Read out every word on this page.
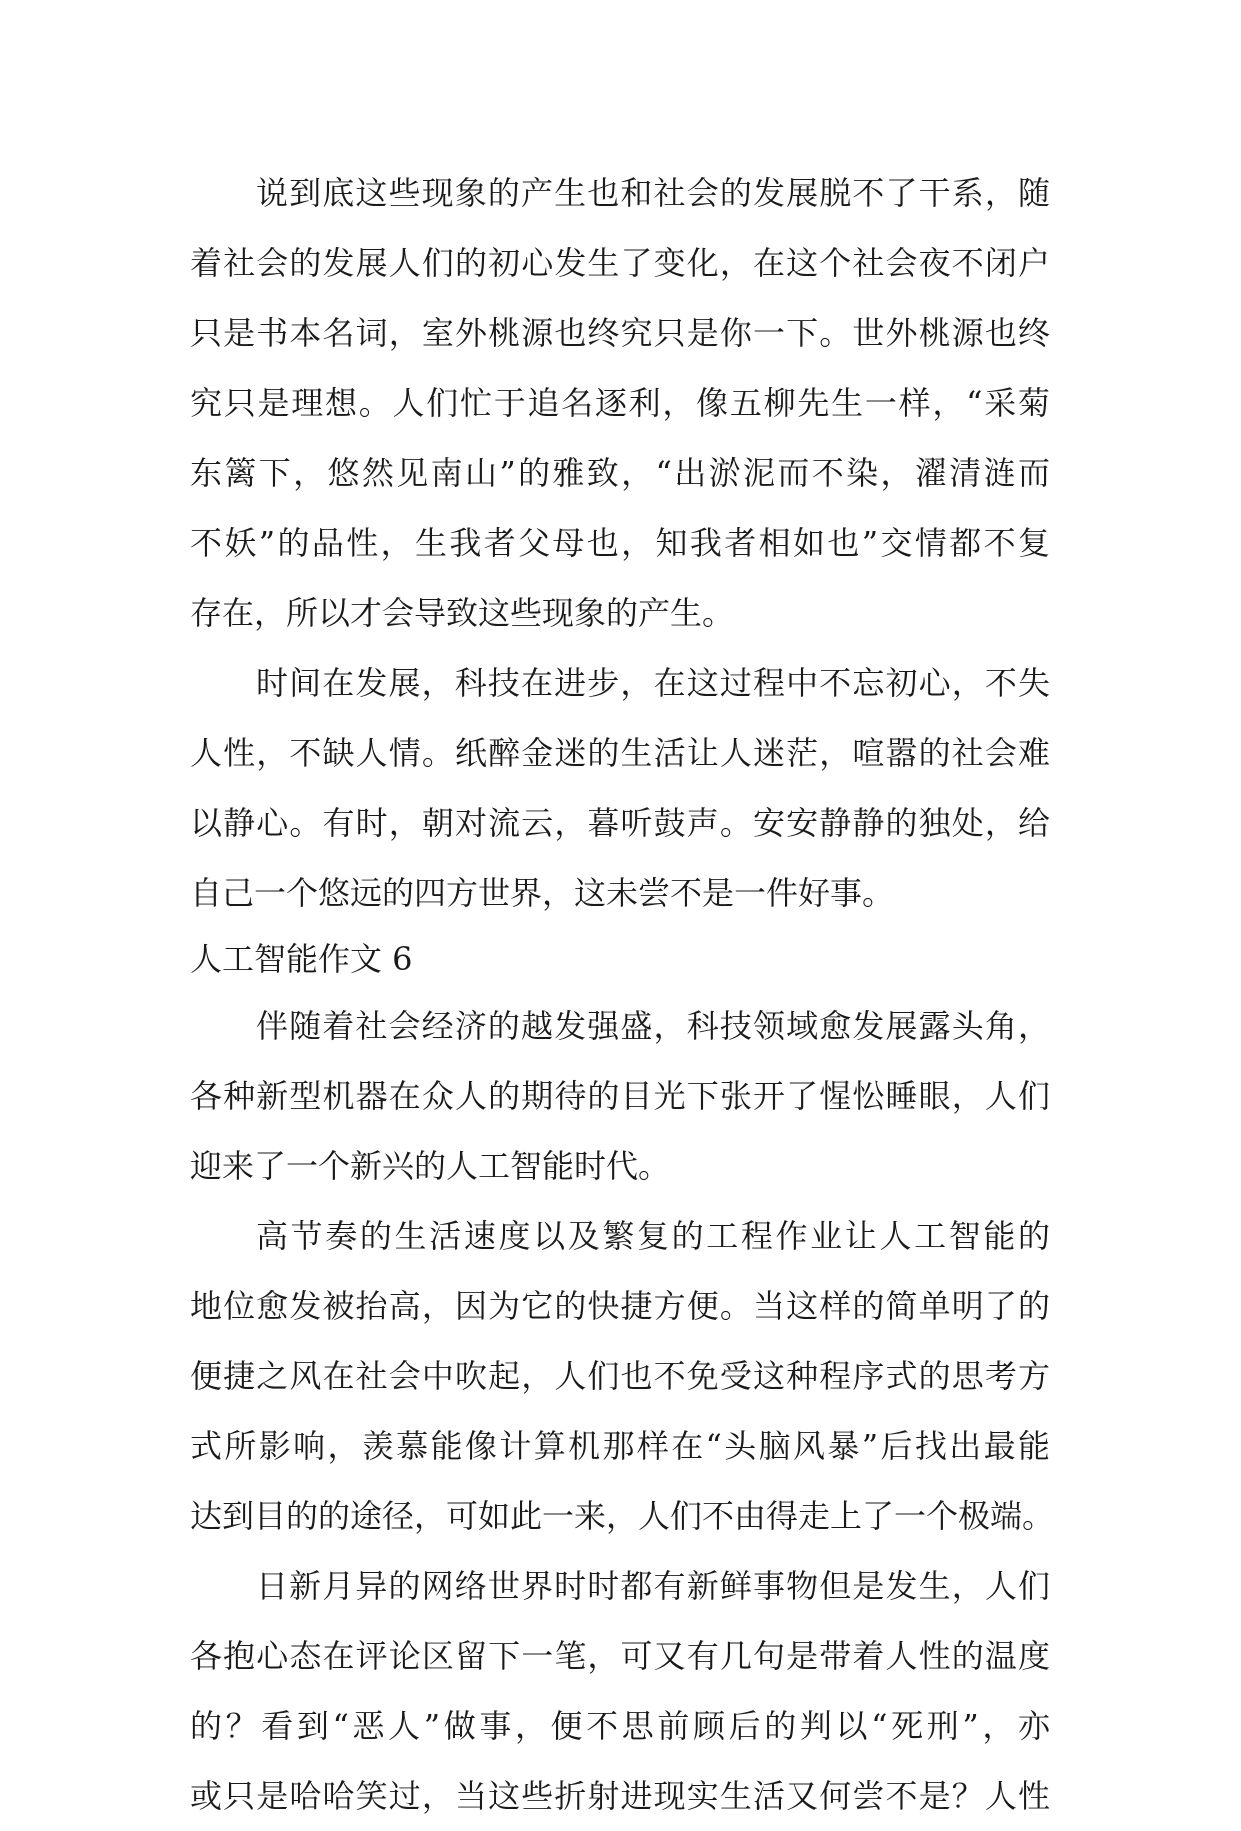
说到底这些现象的产生也和社会的发展脱不了干系，随
着社会的发展人们的初心发生了变化，在这个社会夜不闭户
只是书本名词，室外桃源也终究只是你一下。世外桃源也终
究只是理想。人们忙于追名逐利，像五柳先生一样，“采菊
东篱下，悠然见南山”的雅致，“出淤泥而不染，濯清涟而
不妖”的品性，生我者父母也，知我者相如也”交情都不复
存在，所以才会导致这些现象的产生。
时间在发展，科技在进步，在这过程中不忘初心，不失
人性，不缺人情。纸醉金迷的生活让人迷茫，喧嚣的社会难
以静心。有时，朝对流云，暮听鼓声。安安静静的独处，给
自己一个悠远的四方世界，这未尝不是一件好事。
人工智能作文 6
伴随着社会经济的越发强盛，科技领域愈发展露头角，
各种新型机器在众人的期待的目光下张开了惺忪睡眼，人们
迎来了一个新兴的人工智能时代。
高节奏的生活速度以及繁复的工程作业让人工智能的
地位愈发被抬高，因为它的快捷方便。当这样的简单明了的
便捷之风在社会中吹起，人们也不免受这种程序式的思考方
式所影响，羡慕能像计算机那样在“头脑风暴”后找出最能
达到目的的途径，可如此一来，人们不由得走上了一个极端。
日新月异的网络世界时时都有新鲜事物但是发生，人们
各抱心态在评论区留下一笔，可又有几句是带着人性的温度
的？看到“恶人”做事，便不思前顾后的判以“死刑”，亦
或只是哈哈笑过，当这些折射进现实生活又何尝不是？人性
